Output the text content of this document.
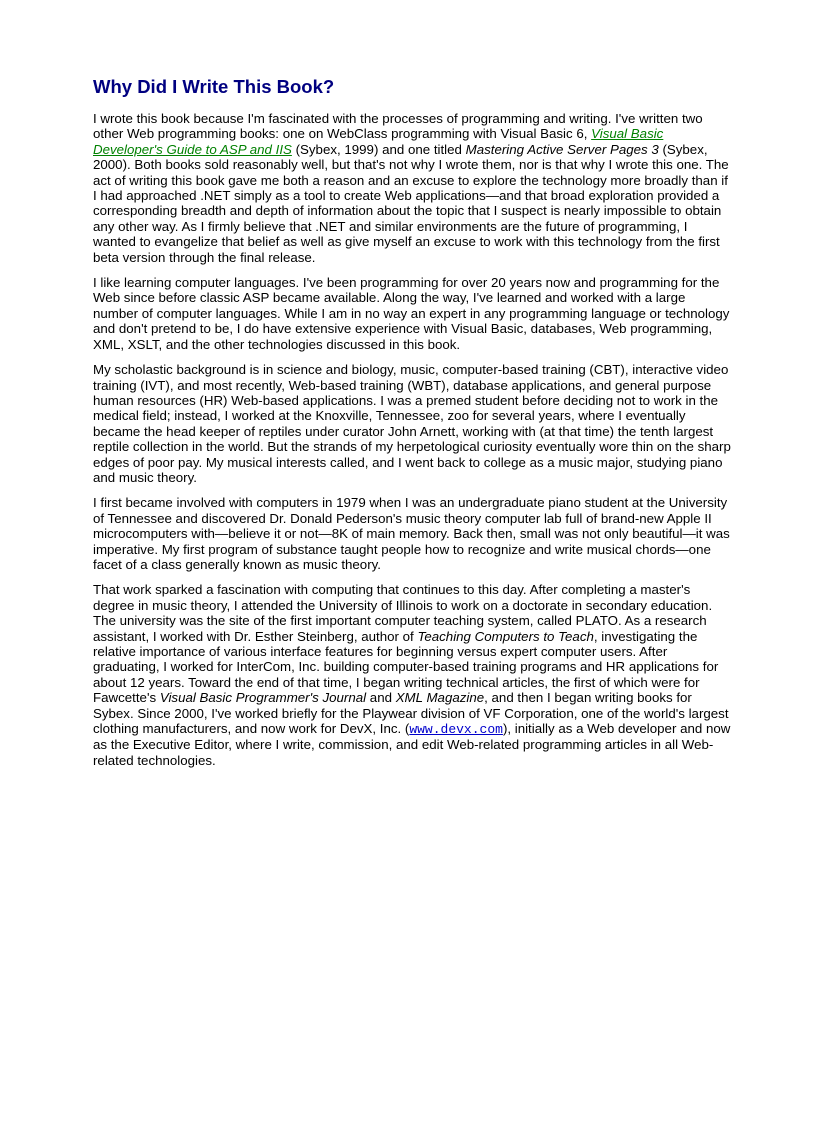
Why Did I Write This Book?

I wrote this book because I'm fascinated with the processes of programming and writing. I've written two other Web programming books: one on WebClass programming with Visual Basic 6, Visual Basic Developer's Guide to ASP and IIS (Sybex, 1999) and one titled Mastering Active Server Pages 3 (Sybex, 2000). Both books sold reasonably well, but that's not why I wrote them, nor is that why I wrote this one. The act of writing this book gave me both a reason and an excuse to explore the technology more broadly than if I had approached .NET simply as a tool to create Web applications—and that broad exploration provided a corresponding breadth and depth of information about the topic that I suspect is nearly impossible to obtain any other way. As I firmly believe that .NET and similar environments are the future of programming, I wanted to evangelize that belief as well as give myself an excuse to work with this technology from the first beta version through the final release.

I like learning computer languages. I've been programming for over 20 years now and programming for the Web since before classic ASP became available. Along the way, I've learned and worked with a large number of computer languages. While I am in no way an expert in any programming language or technology and don't pretend to be, I do have extensive experience with Visual Basic, databases, Web programming, XML, XSLT, and the other technologies discussed in this book.

My scholastic background is in science and biology, music, computer-based training (CBT), interactive video training (IVT), and most recently, Web-based training (WBT), database applications, and general purpose human resources (HR) Web-based applications. I was a premed student before deciding not to work in the medical field; instead, I worked at the Knoxville, Tennessee, zoo for several years, where I eventually became the head keeper of reptiles under curator John Arnett, working with (at that time) the tenth largest reptile collection in the world. But the strands of my herpetological curiosity eventually wore thin on the sharp edges of poor pay. My musical interests called, and I went back to college as a music major, studying piano and music theory.

I first became involved with computers in 1979 when I was an undergraduate piano student at the University of Tennessee and discovered Dr. Donald Pederson's music theory computer lab full of brand-new Apple II microcomputers with—believe it or not—8K of main memory. Back then, small was not only beautiful—it was imperative. My first program of substance taught people how to recognize and write musical chords—one facet of a class generally known as music theory.

That work sparked a fascination with computing that continues to this day. After completing a master's degree in music theory, I attended the University of Illinois to work on a doctorate in secondary education. The university was the site of the first important computer teaching system, called PLATO. As a research assistant, I worked with Dr. Esther Steinberg, author of Teaching Computers to Teach, investigating the relative importance of various interface features for beginning versus expert computer users. After graduating, I worked for InterCom, Inc. building computer-based training programs and HR applications for about 12 years. Toward the end of that time, I began writing technical articles, the first of which were for Fawcette's Visual Basic Programmer's Journal and XML Magazine, and then I began writing books for Sybex. Since 2000, I've worked briefly for the Playwear division of VF Corporation, one of the world's largest clothing manufacturers, and now work for DevX, Inc. (www.devx.com), initially as a Web developer and now as the Executive Editor, where I write, commission, and edit Web-related programming articles in all Web-related technologies.
